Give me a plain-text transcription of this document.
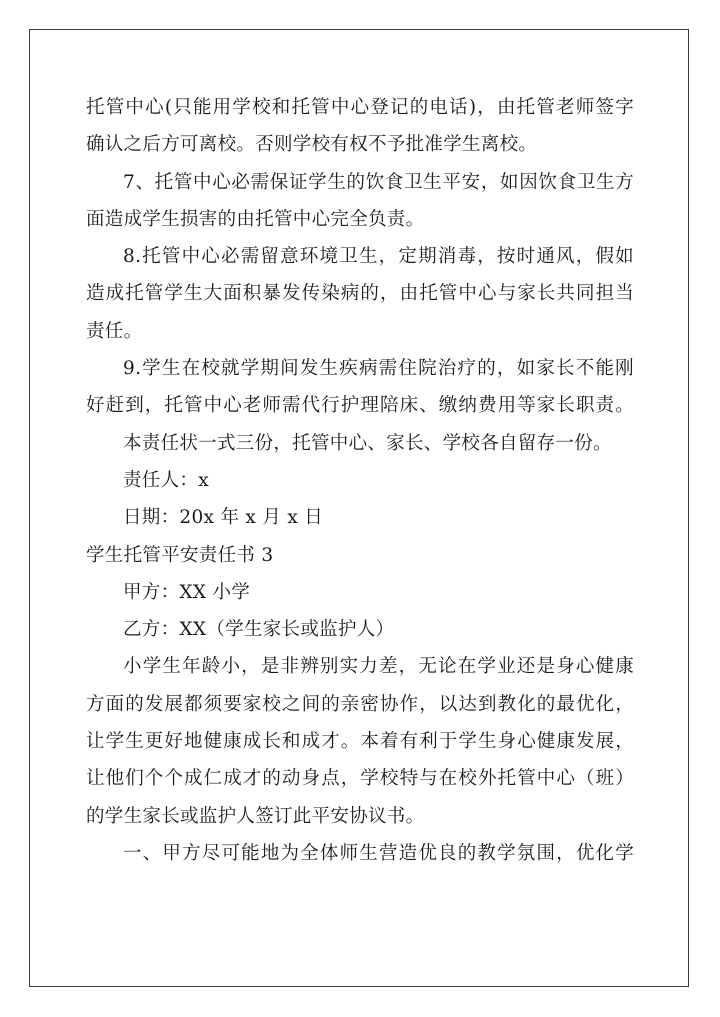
托管中心(只能用学校和托管中心登记的电话)，由托管老师签字
确认之后方可离校。否则学校有权不予批准学生离校。
7、托管中心必需保证学生的饮食卫生平安，如因饮食卫生方
面造成学生损害的由托管中心完全负责。
8.托管中心必需留意环境卫生，定期消毒，按时通风，假如
造成托管学生大面积暴发传染病的，由托管中心与家长共同担当
责任。
9.学生在校就学期间发生疾病需住院治疗的，如家长不能刚
好赶到，托管中心老师需代行护理陪床、缴纳费用等家长职责。
本责任状一式三份，托管中心、家长、学校各自留存一份。
责任人：x
日期：20x 年 x 月 x 日
学生托管平安责任书 3
甲方：XX 小学
乙方：XX（学生家长或监护人）
小学生年龄小，是非辨别实力差，无论在学业还是身心健康
方面的发展都须要家校之间的亲密协作，以达到教化的最优化，
让学生更好地健康成长和成才。本着有利于学生身心健康发展，
让他们个个成仁成才的动身点，学校特与在校外托管中心（班）
的学生家长或监护人签订此平安协议书。
一、甲方尽可能地为全体师生营造优良的教学氛围，优化学
